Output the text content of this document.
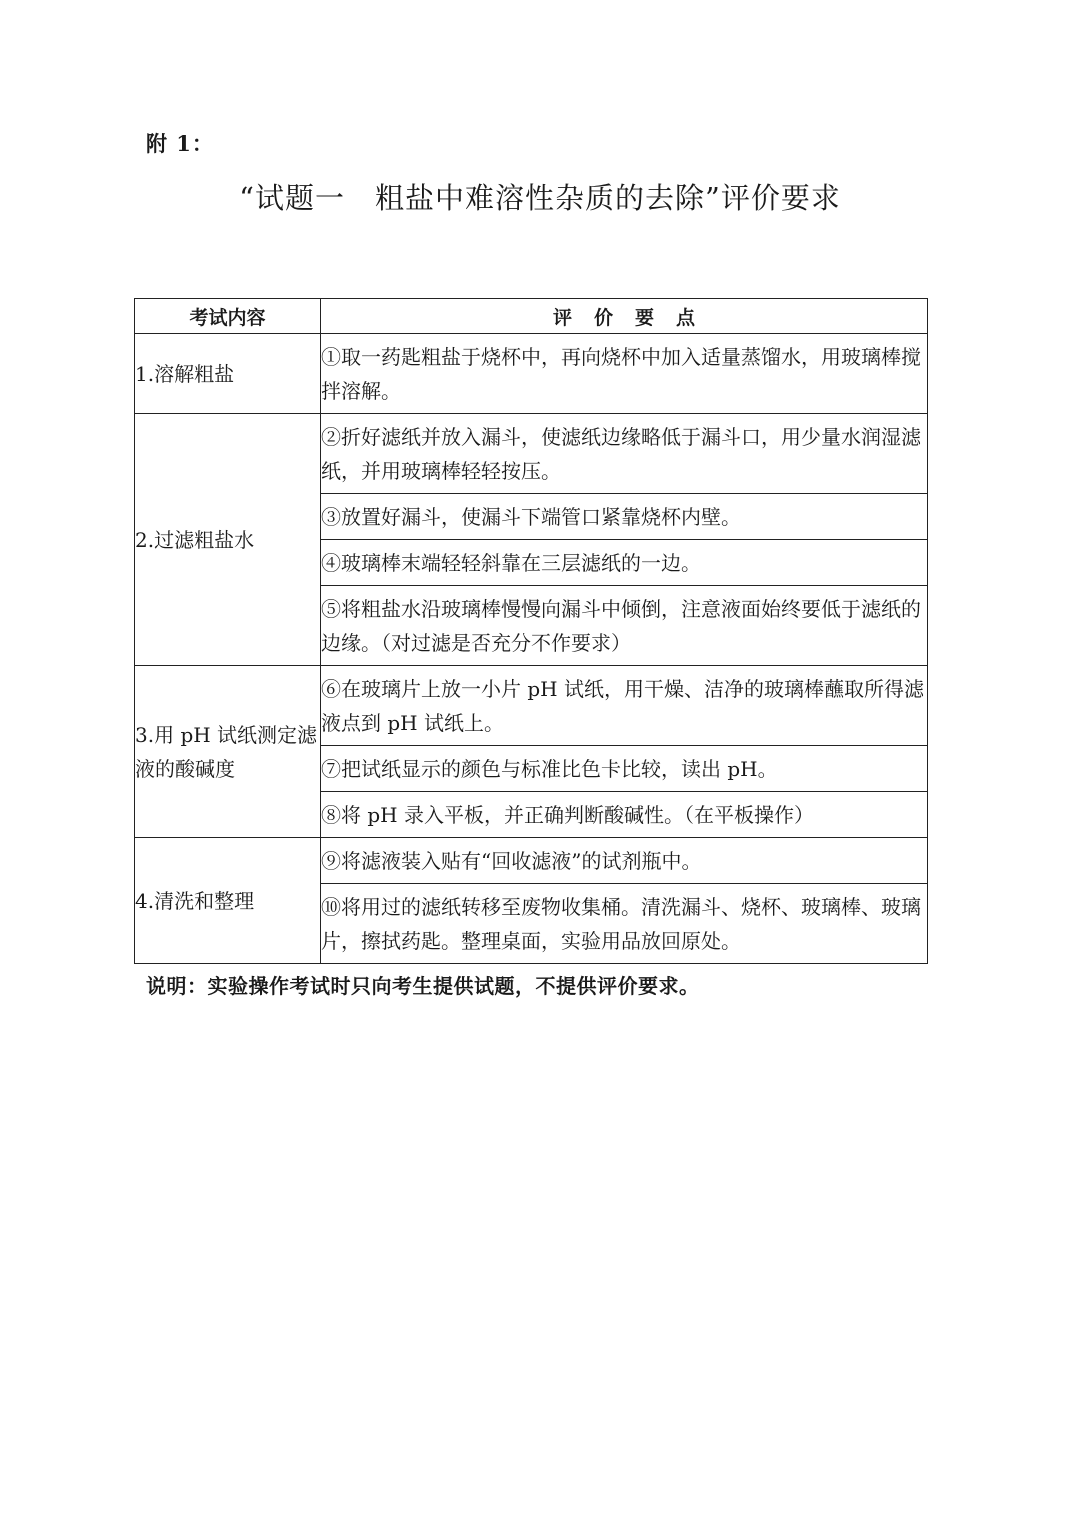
附 1：
“试题一　粗盐中难溶性杂质的去除”评价要求
考试内容	评价要点
1.溶解粗盐	①取一药匙粗盐于烧杯中，再向烧杯中加入适量蒸馏水，用玻璃棒搅拌溶解。
2.过滤粗盐水	②折好滤纸并放入漏斗，使滤纸边缘略低于漏斗口，用少量水润湿滤纸，并用玻璃棒轻轻按压。
	③放置好漏斗，使漏斗下端管口紧靠烧杯内壁。
	④玻璃棒末端轻轻斜靠在三层滤纸的一边。
	⑤将粗盐水沿玻璃棒慢慢向漏斗中倾倒，注意液面始终要低于滤纸的边缘。（对过滤是否充分不作要求）
3.用 pH 试纸测定滤液的酸碱度	⑥在玻璃片上放一小片 pH 试纸，用干燥、洁净的玻璃棒蘸取所得滤液点到 pH 试纸上。
	⑦把试纸显示的颜色与标准比色卡比较，读出 pH。
	⑧将 pH 录入平板，并正确判断酸碱性。（在平板操作）
4.清洗和整理	⑨将滤液装入贴有“回收滤液”的试剂瓶中。
	⑩将用过的滤纸转移至废物收集桶。清洗漏斗、烧杯、玻璃棒、玻璃片，擦拭药匙。整理桌面，实验用品放回原处。
说明：实验操作考试时只向考生提供试题，不提供评价要求。
